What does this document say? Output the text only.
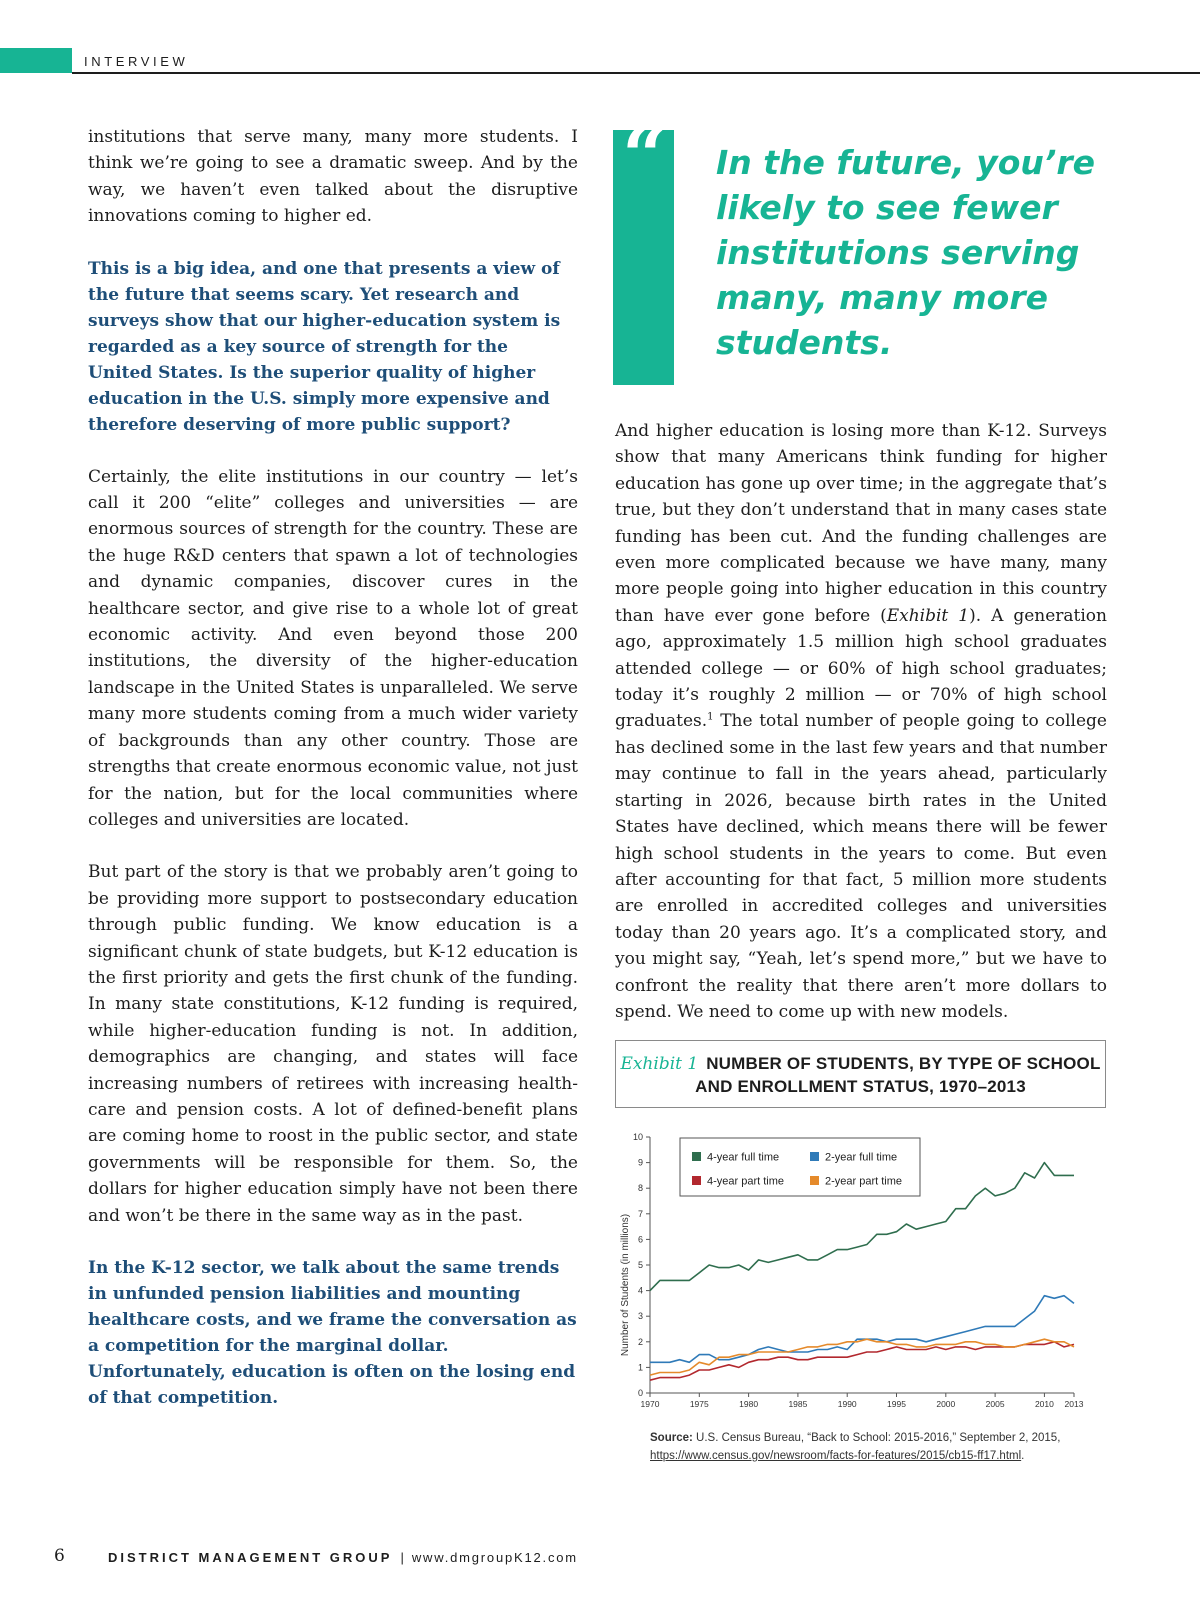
INTERVIEW

institutions that serve many, many more students. I think we’re going to see a dramatic sweep. And by the way, we haven’t even talked about the disruptive innovations coming to higher ed.

This is a big idea, and one that presents a view of the future that seems scary. Yet research and surveys show that our higher-education system is regarded as a key source of strength for the United States. Is the superior quality of higher education in the U.S. simply more expensive and therefore deserving of more public support?

Certainly, the elite institutions in our country — let’s call it 200 “elite” colleges and universities — are enormous sources of strength for the country. These are the huge R&D centers that spawn a lot of technologies and dynamic companies, discover cures in the healthcare sector, and give rise to a whole lot of great economic activity. And even beyond those 200 institutions, the diversity of the higher-education landscape in the United States is unparalleled. We serve many more students coming from a much wider variety of backgrounds than any other country. Those are strengths that create enormous economic value, not just for the nation, but for the local communities where colleges and universities are located.

But part of the story is that we probably aren’t going to be providing more support to postsecondary education through public funding. We know education is a significant chunk of state budgets, but K-12 education is the first priority and gets the first chunk of the funding. In many state constitutions, K-12 funding is required, while higher-education funding is not. In addition, demographics are changing, and states will face increasing numbers of retirees with increasing health-care and pension costs. A lot of defined-benefit plans are coming home to roost in the public sector, and state governments will be responsible for them. So, the dollars for higher education simply have not been there and won’t be there in the same way as in the past.

In the K-12 sector, we talk about the same trends in unfunded pension liabilities and mounting healthcare costs, and we frame the conversation as a competition for the marginal dollar. Unfortunately, education is often on the losing end of that competition.

“ In the future, you’re likely to see fewer institutions serving many, many more students.

And higher education is losing more than K-12. Surveys show that many Americans think funding for higher education has gone up over time; in the aggregate that’s true, but they don’t understand that in many cases state funding has been cut. And the funding challenges are even more complicated because we have many, many more people going into higher education in this country than have ever gone before (Exhibit 1). A generation ago, approximately 1.5 million high school graduates attended college — or 60% of high school graduates; today it’s roughly 2 million — or 70% of high school graduates.$^1$ The total number of people going to college has declined some in the last few years and that number may continue to fall in the years ahead, particularly starting in 2026, because birth rates in the United States have declined, which means there will be fewer high school students in the years to come. But even after accounting for that fact, 5 million more students are enrolled in accredited colleges and universities today than 20 years ago. It’s a complicated story, and you might say, “Yeah, let’s spend more,” but we have to confront the reality that there aren’t more dollars to spend. We need to come up with new models.

Exhibit 1 NUMBER OF STUDENTS, BY TYPE OF SCHOOL
AND ENROLLMENT STATUS, 1970–2013
0
1
2
3
4
5
6
7
8
9
10
1970	1975	1980	1985	1990	1995	2000	2005	2010 2013
4-year full time	2-year full time
4-year part time	2-year part time
Number of Students (in millions)
Source: U.S. Census Bureau, “Back to School: 2015-2016,” September 2, 2015,
https://www.census.gov/newsroom/facts-for-features/2015/cb15-ff17.html.
6	DISTRICT MANAGEMENT GROUP | www.dmgroupK12.com
